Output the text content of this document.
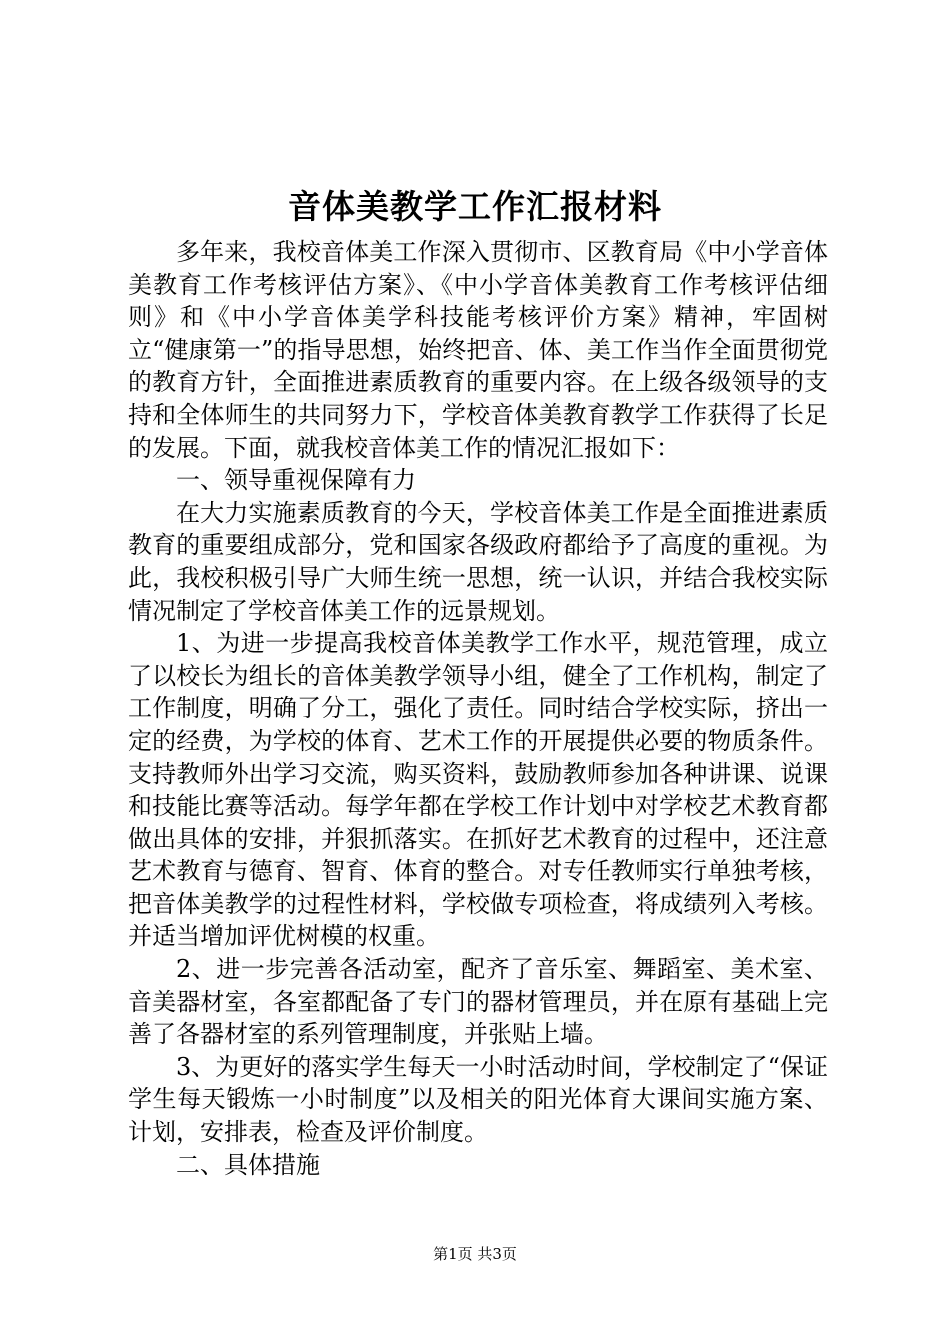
音体美教学工作汇报材料

多年来，我校音体美工作深入贯彻市、区教育局《中小学音体美教育工作考核评估方案》、《中小学音体美教育工作考核评估细则》和《中小学音体美学科技能考核评价方案》精神，牢固树立“健康第一”的指导思想，始终把音、体、美工作当作全面贯彻党的教育方针，全面推进素质教育的重要内容。在上级各级领导的支持和全体师生的共同努力下，学校音体美教育教学工作获得了长足的发展。下面，就我校音体美工作的情况汇报如下：

一、领导重视保障有力

在大力实施素质教育的今天，学校音体美工作是全面推进素质教育的重要组成部分，党和国家各级政府都给予了高度的重视。为此，我校积极引导广大师生统一思想，统一认识，并结合我校实际情况制定了学校音体美工作的远景规划。

1、为进一步提高我校音体美教学工作水平，规范管理，成立了以校长为组长的音体美教学领导小组，健全了工作机构，制定了工作制度，明确了分工，强化了责任。同时结合学校实际，挤出一定的经费，为学校的体育、艺术工作的开展提供必要的物质条件。支持教师外出学习交流，购买资料，鼓励教师参加各种讲课、说课和技能比赛等活动。每学年都在学校工作计划中对学校艺术教育都做出具体的安排，并狠抓落实。在抓好艺术教育的过程中，还注意艺术教育与德育、智育、体育的整合。对专任教师实行单独考核，把音体美教学的过程性材料，学校做专项检查，将成绩列入考核。并适当增加评优树模的权重。

2、进一步完善各活动室，配齐了音乐室、舞蹈室、美术室、音美器材室，各室都配备了专门的器材管理员，并在原有基础上完善了各器材室的系列管理制度，并张贴上墙。

3、为更好的落实学生每天一小时活动时间，学校制定了“保证学生每天锻炼一小时制度”以及相关的阳光体育大课间实施方案、计划，安排表，检查及评价制度。

二、具体措施

第1页 共3页
